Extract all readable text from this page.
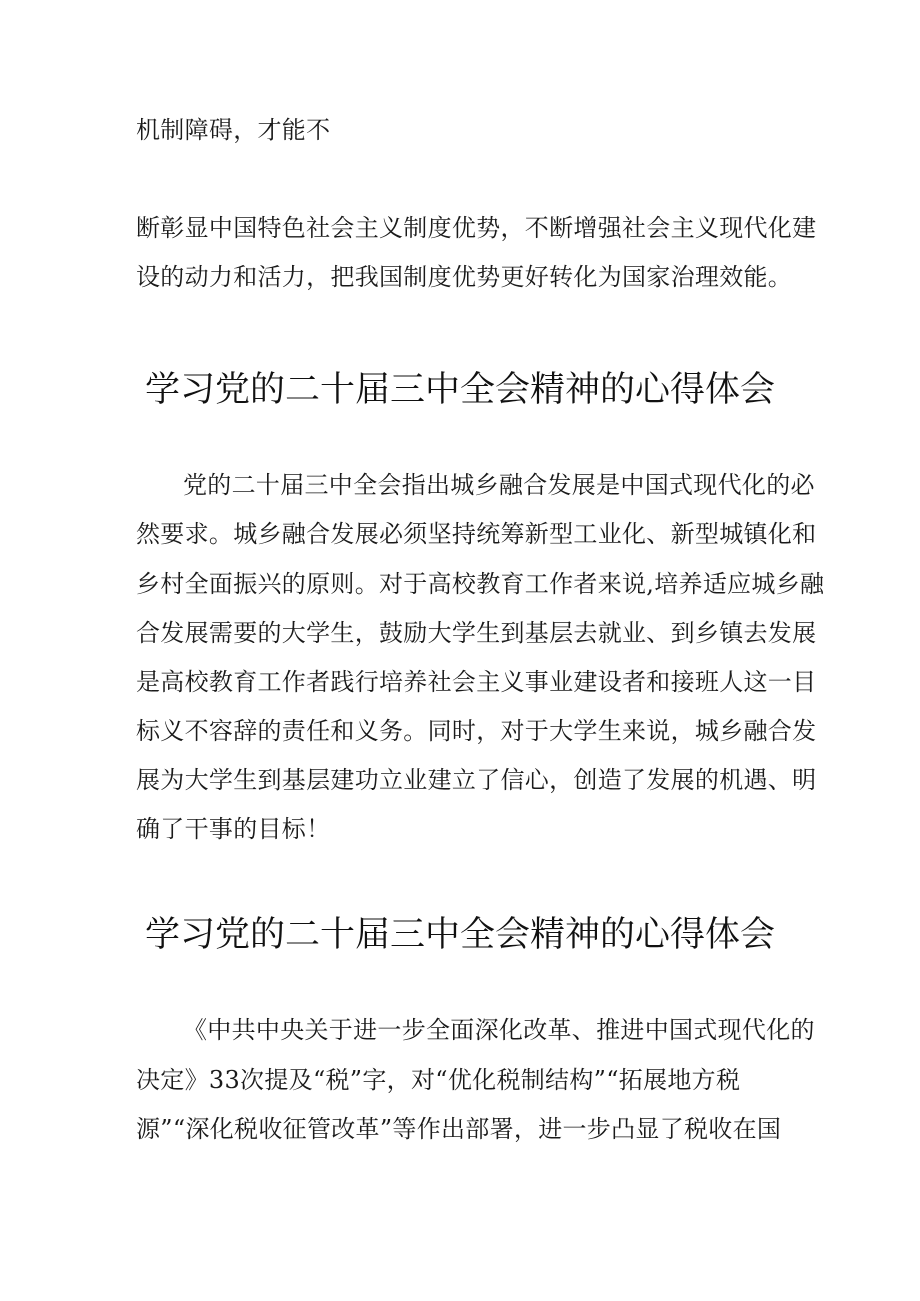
机制障碍，才能不
断彰显中国特色社会主义制度优势，不断增强社会主义现代化建
设的动力和活力，把我国制度优势更好转化为国家治理效能。
学习党的二十届三中全会精神的心得体会
党的二十届三中全会指出城乡融合发展是中国式现代化的必
然要求。城乡融合发展必须坚持统筹新型工业化、新型城镇化和
乡村全面振兴的原则。对于高校教育工作者来说,培养适应城乡融
合发展需要的大学生，鼓励大学生到基层去就业、到乡镇去发展
是高校教育工作者践行培养社会主义事业建设者和接班人这一目
标义不容辞的责任和义务。同时，对于大学生来说，城乡融合发
展为大学生到基层建功立业建立了信心，创造了发展的机遇、明
确了干事的目标！
学习党的二十届三中全会精神的心得体会
《中共中央关于进一步全面深化改革、推进中国式现代化的
决定》33次提及“税”字，对“优化税制结构”“拓展地方税
源”“深化税收征管改革”等作出部署，进一步凸显了税收在国
